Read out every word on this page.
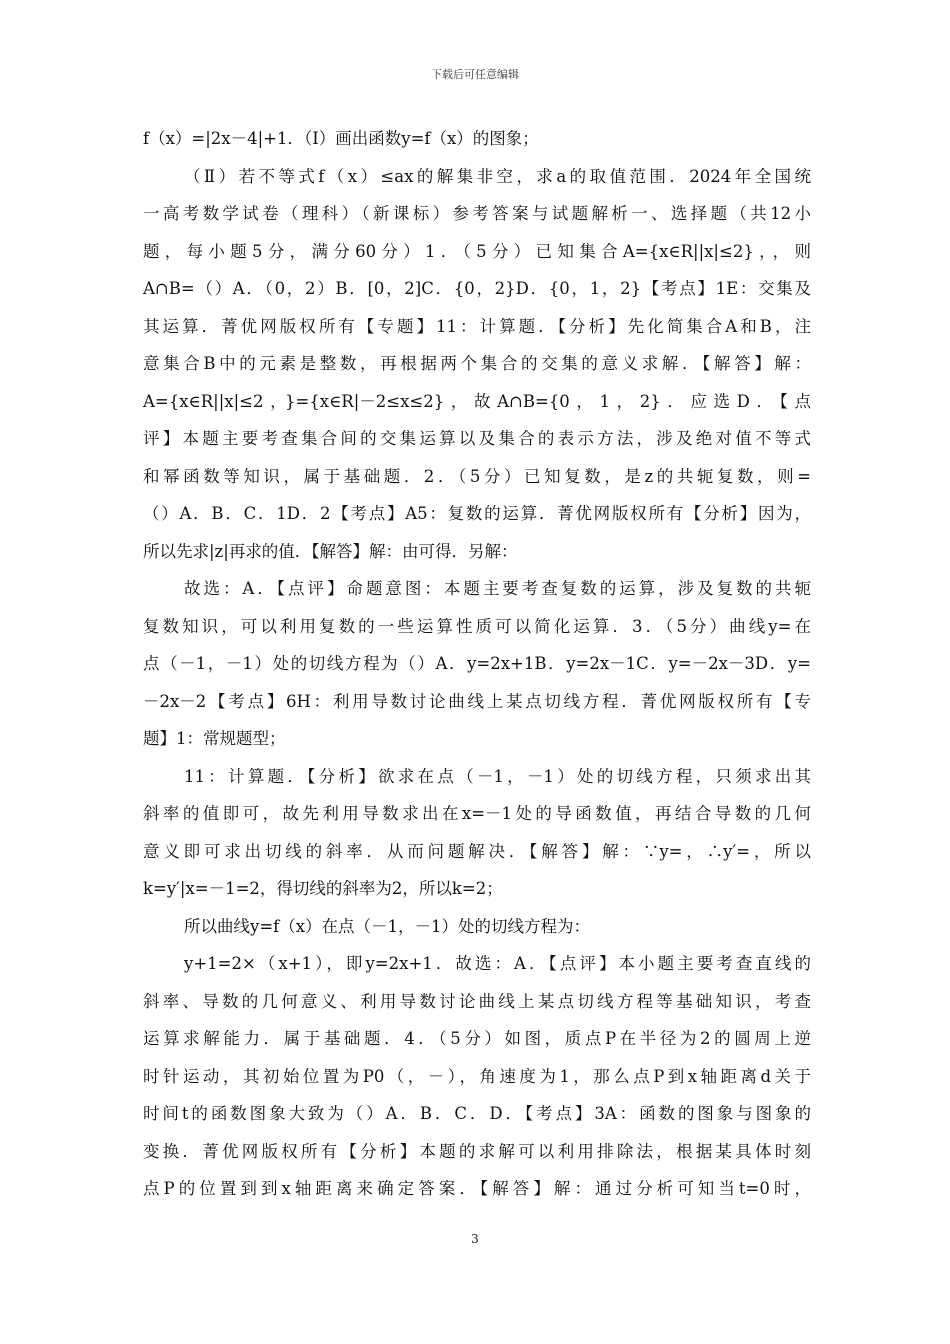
下载后可任意编辑
f（x）=|2x－4|+1．（Ⅰ）画出函数y=f（x）的图象；
（Ⅱ）若不等式f（x）≤ax的解集非空，求a的取值范围．2024年全国统
一高考数学试卷（理科）（新课标）参考答案与试题解析一、选择题（共12小
题，每小题5分，满分60分）1．（5分）已知集合A={x∈R||x|≤2}，，则
A∩B=（）A．（0，2）B．[0，2]C．{0，2}D．{0，1，2}【考点】1E：交集及
其运算．菁优网版权所有【专题】11：计算题．【分析】先化简集合A和B，注
意集合B中的元素是整数，再根据两个集合的交集的意义求解．【解答】解：
A={x∈R||x|≤2，}={x∈R|－2≤x≤2}，故A∩B={0，1，2}．应选D．【点
评】本题主要考查集合间的交集运算以及集合的表示方法，涉及绝对值不等式
和幂函数等知识，属于基础题．2．（5分）已知复数，是z的共轭复数，则=
（）A．B．C．1D．2【考点】A5：复数的运算．菁优网版权所有【分析】因为，
所以先求|z|再求的值．【解答】解：由可得．另解：
故选：A．【点评】命题意图：本题主要考查复数的运算，涉及复数的共轭
复数知识，可以利用复数的一些运算性质可以简化运算．3．（5分）曲线y=在
点（－1，－1）处的切线方程为（）A．y=2x+1B．y=2x－1C．y=－2x－3D．y=
－2x－2【考点】6H：利用导数讨论曲线上某点切线方程．菁优网版权所有【专
题】1：常规题型；
11：计算题．【分析】欲求在点（－1，－1）处的切线方程，只须求出其
斜率的值即可，故先利用导数求出在x=－1处的导函数值，再结合导数的几何
意义即可求出切线的斜率．从而问题解决．【解答】解：∵y=，∴y′=，所以
k=y′|x=－1=2，得切线的斜率为2，所以k=2；
所以曲线y=f（x）在点（－1，－1）处的切线方程为：
y+1=2×（x+1），即y=2x+1．故选：A．【点评】本小题主要考查直线的
斜率、导数的几何意义、利用导数讨论曲线上某点切线方程等基础知识，考查
运算求解能力．属于基础题．4．（5分）如图，质点P在半径为2的圆周上逆
时针运动，其初始位置为P0（，－），角速度为1，那么点P到x轴距离d关于
时间t的函数图象大致为（）A．B．C．D．【考点】3A：函数的图象与图象的
变换．菁优网版权所有【分析】本题的求解可以利用排除法，根据某具体时刻
点P的位置到到x轴距离来确定答案．【解答】解：通过分析可知当t=0时，
3
